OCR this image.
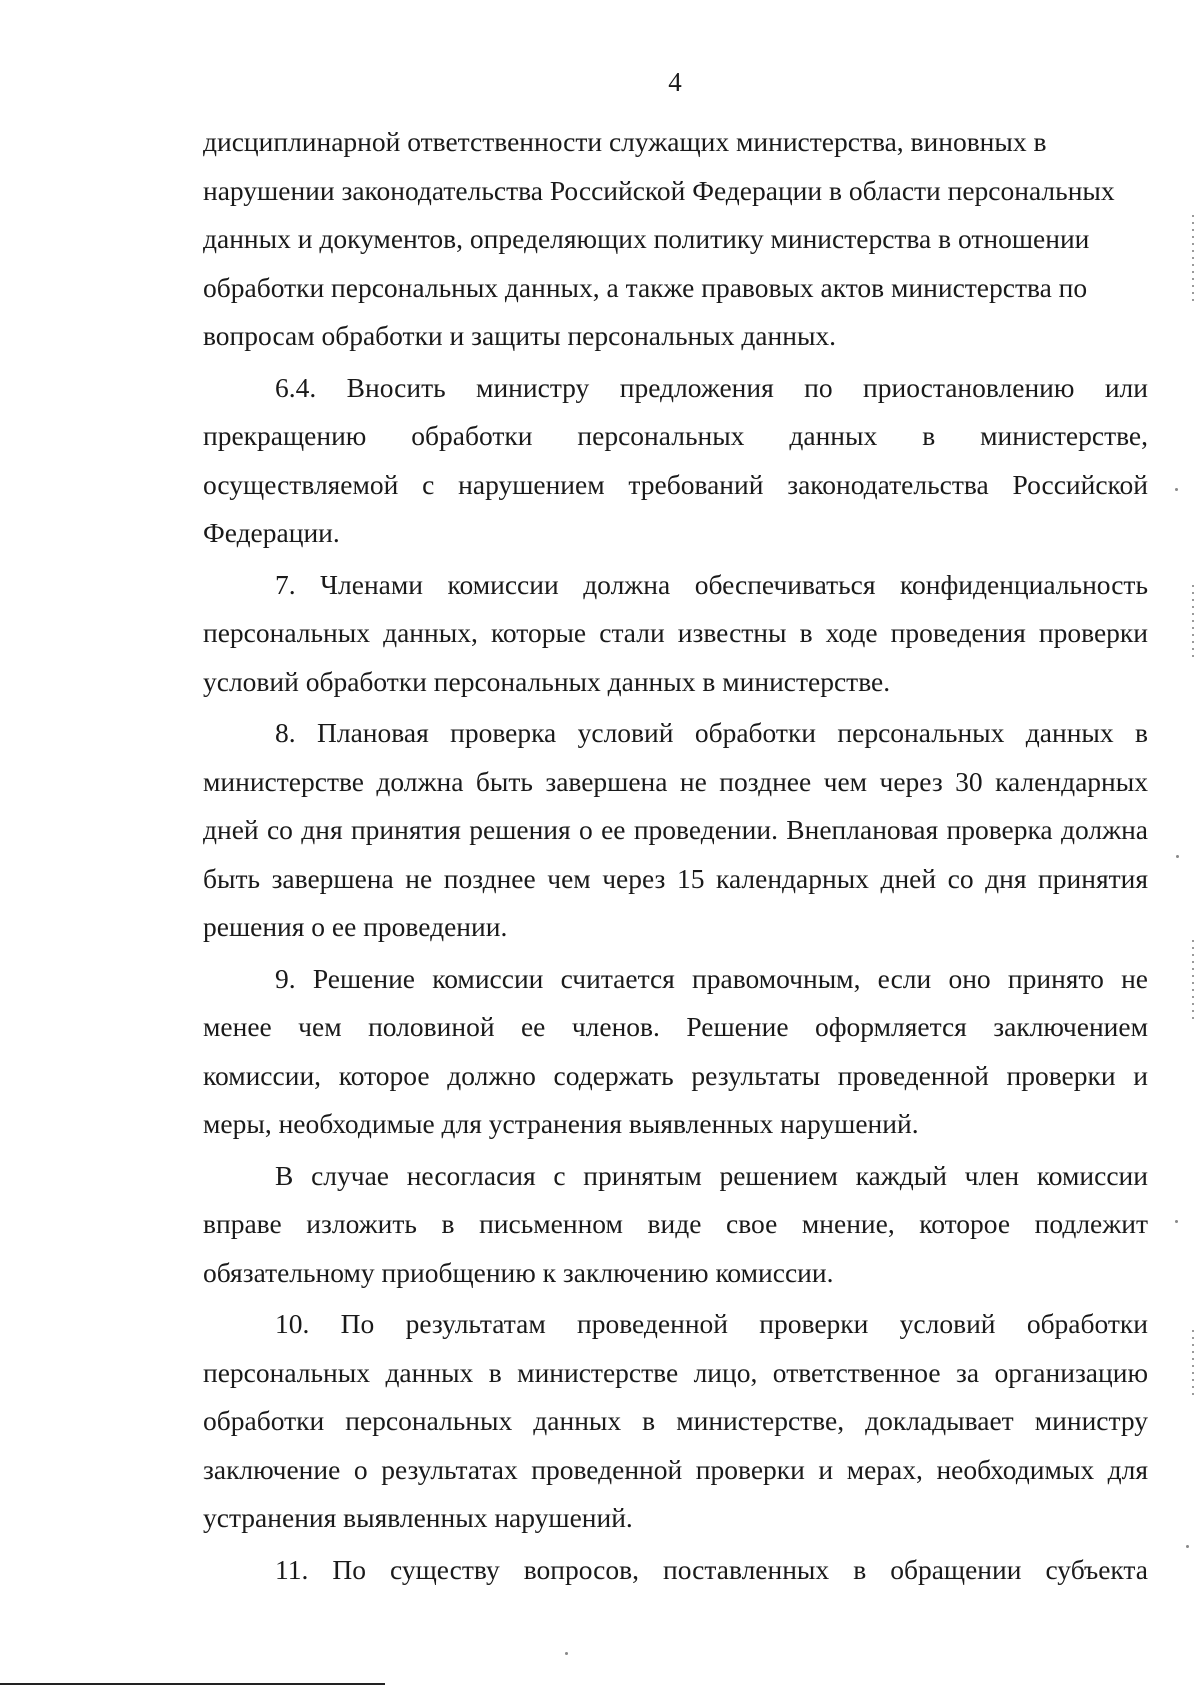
4
дисциплинарной ответственности служащих министерства, виновных в
нарушении законодательства Российской Федерации в области персональных
данных и документов, определяющих политику министерства в отношении
обработки персональных данных, а также правовых актов министерства по
вопросам обработки и защиты персональных данных.
6.4. Вносить министру предложения по приостановлению или
прекращению обработки персональных данных в министерстве,
осуществляемой с нарушением требований законодательства Российской
Федерации.
7. Членами комиссии должна обеспечиваться конфиденциальность
персональных данных, которые стали известны в ходе проведения проверки
условий обработки персональных данных в министерстве.
8. Плановая проверка условий обработки персональных данных в
министерстве должна быть завершена не позднее чем через 30 календарных
дней со дня принятия решения о ее проведении. Внеплановая проверка должна
быть завершена не позднее чем через 15 календарных дней со дня принятия
решения о ее проведении.
9. Решение комиссии считается правомочным, если оно принято не
менее чем половиной ее членов. Решение оформляется заключением
комиссии, которое должно содержать результаты проведенной проверки и
меры, необходимые для устранения выявленных нарушений.
В случае несогласия с принятым решением каждый член комиссии
вправе изложить в письменном виде свое мнение, которое подлежит
обязательному приобщению к заключению комиссии.
10. По результатам проведенной проверки условий обработки
персональных данных в министерстве лицо, ответственное за организацию
обработки персональных данных в министерстве, докладывает министру
заключение о результатах проведенной проверки и мерах, необходимых для
устранения выявленных нарушений.
11. По существу вопросов, поставленных в обращении субъекта
